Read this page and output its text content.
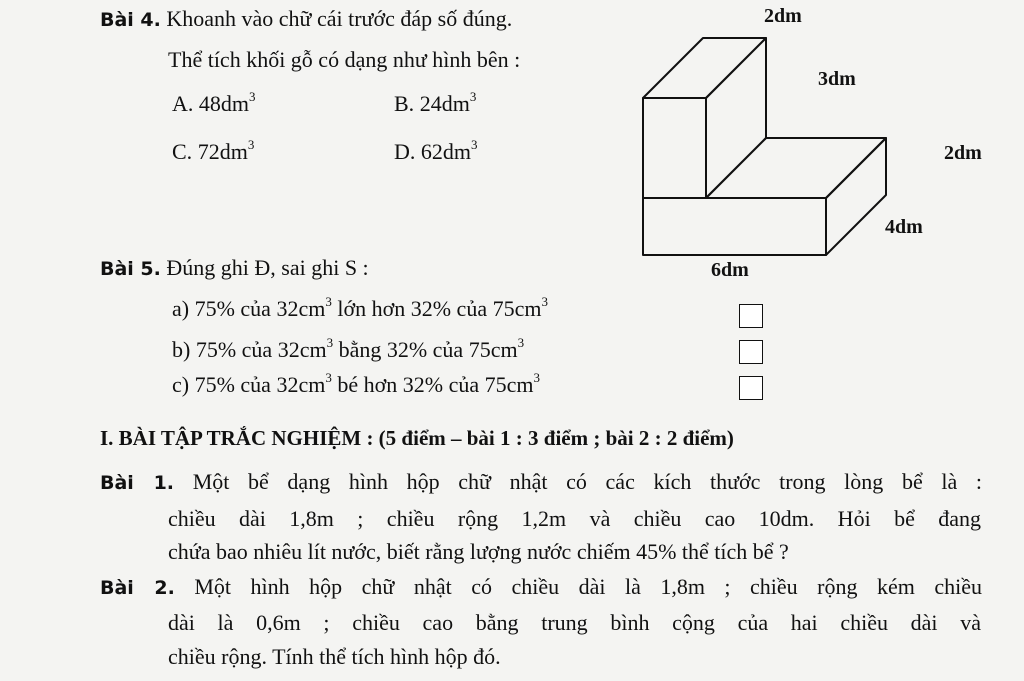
Bài 4. Khoanh vào chữ cái trước đáp số đúng.
Thể tích khối gỗ có dạng như hình bên :
A. $48dm^3$	B. $24dm^3$
C. $72dm^3$	D. $62dm^3$
2dm
3dm
2dm
4dm
6dm
Bài 5. Đúng ghi Đ, sai ghi S :
a) 75% của $32cm^3$ lớn hơn 32% của $75cm^3$
b) 75% của $32cm^3$ bằng 32% của $75cm^3$
c) 75% của $32cm^3$ bé hơn 32% của $75cm^3$
I. BÀI TẬP TRẮC NGHIỆM : (5 điểm – bài 1 : 3 điểm ; bài 2 : 2 điểm)
Bài 1. Một bể dạng hình hộp chữ nhật có các kích thước trong lòng bể là :
chiều dài 1,8m ; chiều rộng 1,2m và chiều cao 10dm. Hỏi bể đang
chứa bao nhiêu lít nước, biết rằng lượng nước chiếm 45% thể tích bể ?
Bài 2. Một hình hộp chữ nhật có chiều dài là 1,8m ; chiều rộng kém chiều
dài là 0,6m ; chiều cao bằng trung bình cộng của hai chiều dài và
chiều rộng. Tính thể tích hình hộp đó.
